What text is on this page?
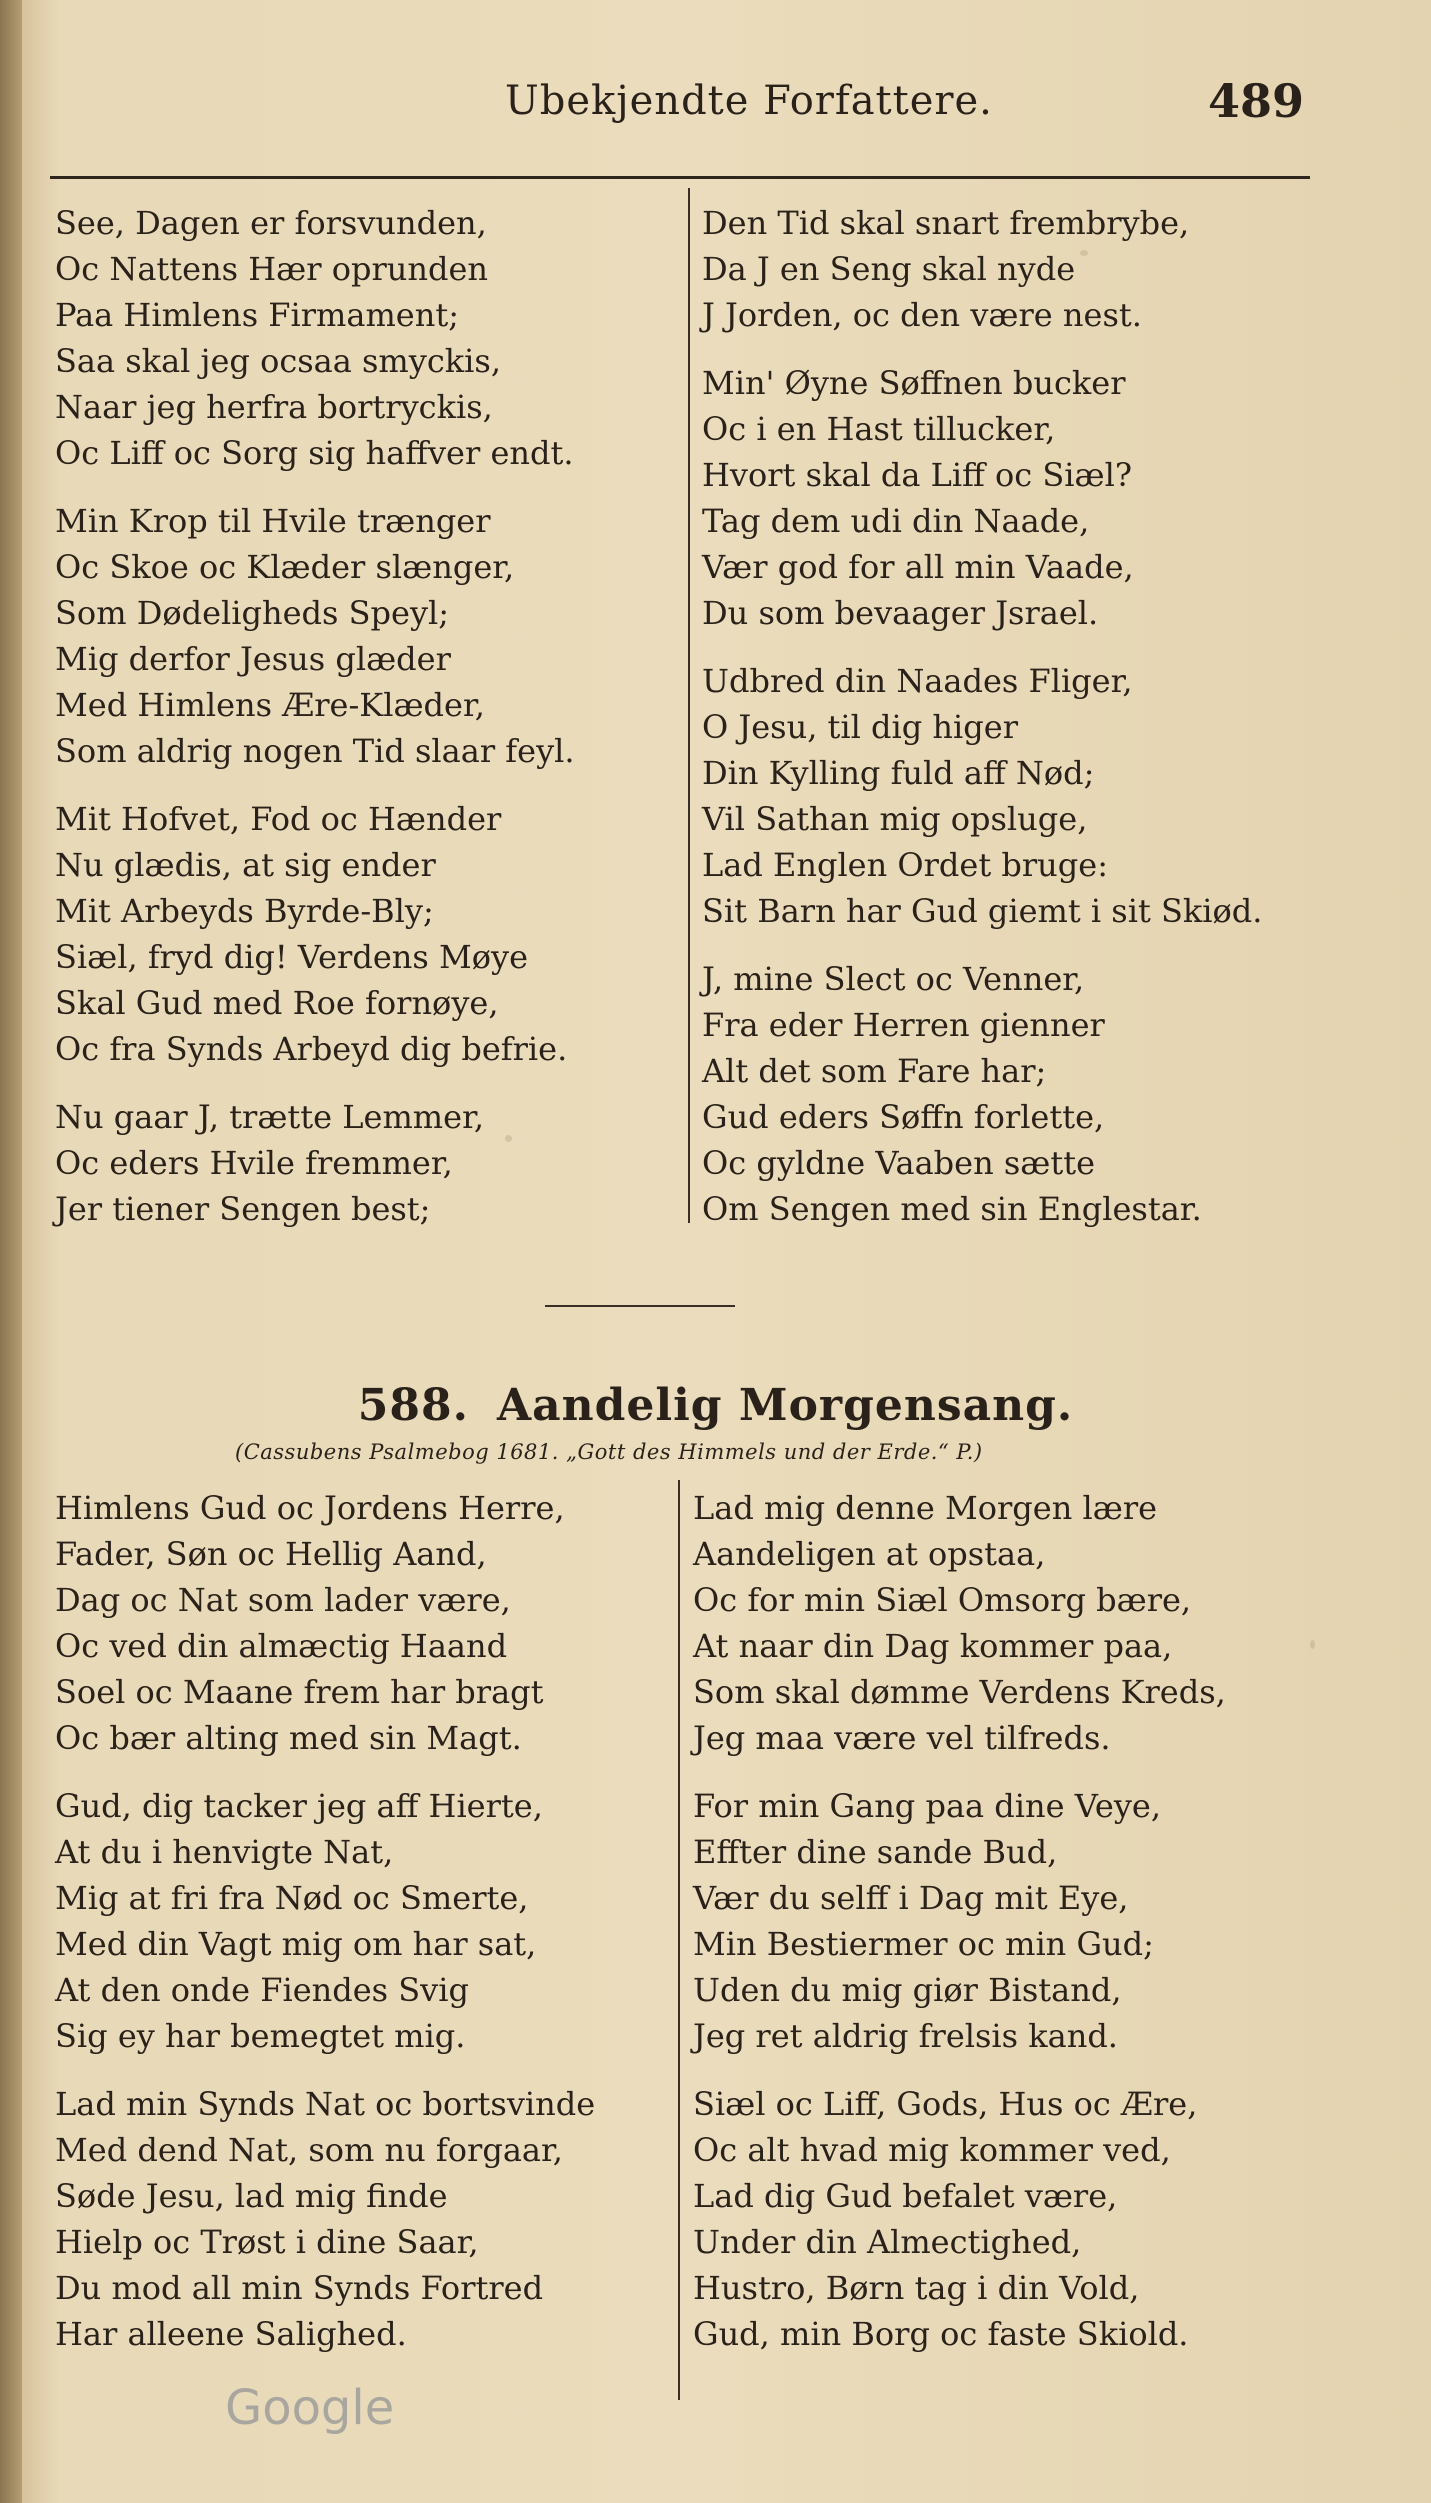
Ubekjendte Forfattere.	489
See, Dagen er forsvunden,
Oc Nattens Hær oprunden
Paa Himlens Firmament;
Saa skal jeg ocsaa smyckis,
Naar jeg herfra bortryckis,
Oc Liff oc Sorg sig haffver endt.
Min Krop til Hvile trænger
Oc Skoe oc Klæder slænger,
Som Dødeligheds Speyl;
Mig derfor Jesus glæder
Med Himlens Ære-Klæder,
Som aldrig nogen Tid slaar feyl.
Mit Hofvet, Fod oc Hænder
Nu glædis, at sig ender
Mit Arbeyds Byrde-Bly;
Siæl, fryd dig! Verdens Møye
Skal Gud med Roe fornøye,
Oc fra Synds Arbeyd dig befrie.
Nu gaar J, trætte Lemmer,
Oc eders Hvile fremmer,
Jer tiener Sengen best;
Den Tid skal snart frembrybe,
Da J en Seng skal nyde
J Jorden, oc den være nest.
Min' Øyne Søffnen bucker
Oc i en Hast tillucker,
Hvort skal da Liff oc Siæl?
Tag dem udi din Naade,
Vær god for all min Vaade,
Du som bevaager Jsrael.
Udbred din Naades Fliger,
O Jesu, til dig higer
Din Kylling fuld aff Nød;
Vil Sathan mig opsluge,
Lad Englen Ordet bruge:
Sit Barn har Gud giemt i sit Skiød.
J, mine Slect oc Venner,
Fra eder Herren gienner
Alt det som Fare har;
Gud eders Søffn forlette,
Oc gyldne Vaaben sætte
Om Sengen med sin Englestar.
588. Aandelig Morgensang.
(Cassubens Psalmebog 1681. „Gott des Himmels und der Erde.“ P.)
Himlens Gud oc Jordens Herre,
Fader, Søn oc Hellig Aand,
Dag oc Nat som lader være,
Oc ved din almæctig Haand
Soel oc Maane frem har bragt
Oc bær alting med sin Magt.
Gud, dig tacker jeg aff Hierte,
At du i henvigte Nat,
Mig at fri fra Nød oc Smerte,
Med din Vagt mig om har sat,
At den onde Fiendes Svig
Sig ey har bemegtet mig.
Lad min Synds Nat oc bortsvinde
Med dend Nat, som nu forgaar,
Søde Jesu, lad mig finde
Hielp oc Trøst i dine Saar,
Du mod all min Synds Fortred
Har alleene Salighed.
Lad mig denne Morgen lære
Aandeligen at opstaa,
Oc for min Siæl Omsorg bære,
At naar din Dag kommer paa,
Som skal dømme Verdens Kreds,
Jeg maa være vel tilfreds.
For min Gang paa dine Veye,
Effter dine sande Bud,
Vær du selff i Dag mit Eye,
Min Bestiermer oc min Gud;
Uden du mig giør Bistand,
Jeg ret aldrig frelsis kand.
Siæl oc Liff, Gods, Hus oc Ære,
Oc alt hvad mig kommer ved,
Lad dig Gud befalet være,
Under din Almectighed,
Hustro, Børn tag i din Vold,
Gud, min Borg oc faste Skiold.
Google
